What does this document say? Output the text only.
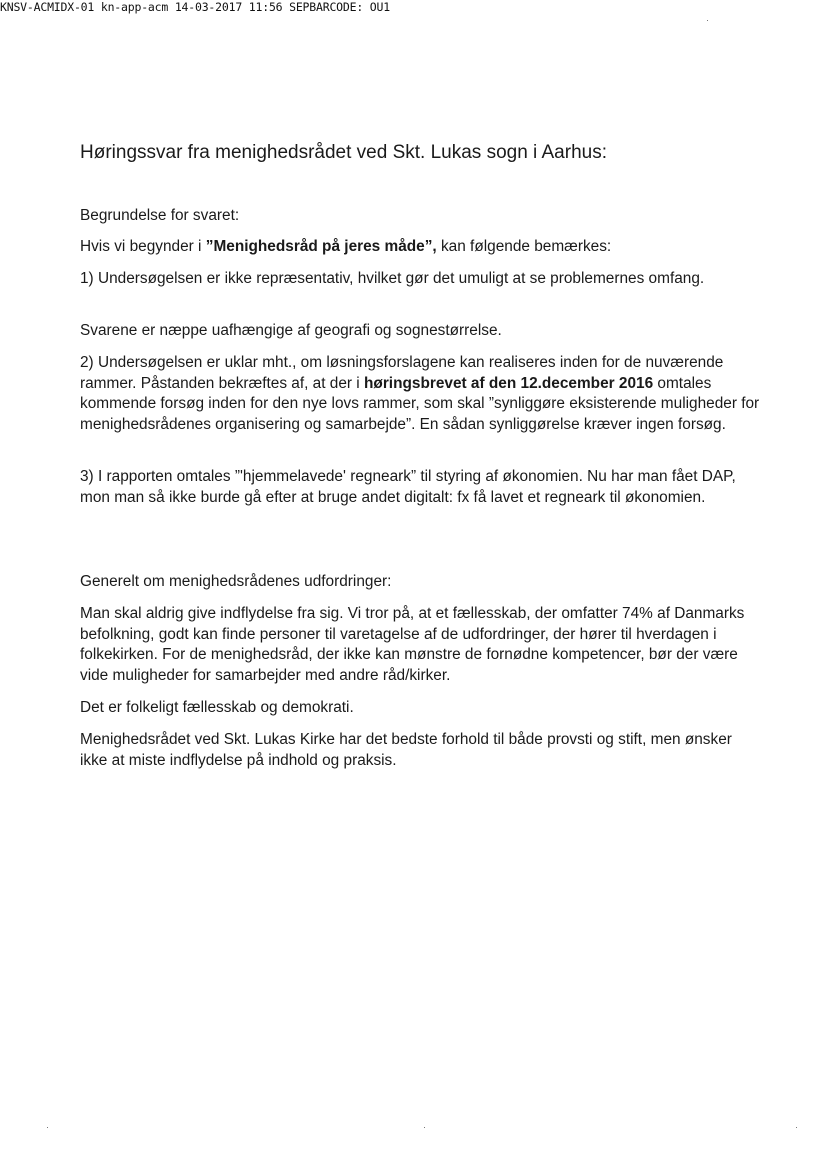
KNSV-ACMIDX-01 kn-app-acm 14-03-2017 11:56 SEPBARCODE: OU1
Høringssvar fra menighedsrådet ved Skt. Lukas sogn i Aarhus:

Begrundelse for svaret:

Hvis vi begynder i ”Menighedsråd på jeres måde”, kan følgende bemærkes:

1) Undersøgelsen er ikke repræsentativ, hvilket gør det umuligt at se problemernes omfang.

Svarene er næppe uafhængige af geografi og sognestørrelse.

2) Undersøgelsen er uklar mht., om løsningsforslagene kan realiseres inden for de nuværende rammer. Påstanden bekræftes af, at der i høringsbrevet af den 12.december 2016 omtales kommende forsøg inden for den nye lovs rammer, som skal ”synliggøre eksisterende muligheder for menighedsrådenes organisering og samarbejde”. En sådan synliggørelse kræver ingen forsøg.

3) I rapporten omtales ”'hjemmelavede' regneark” til styring af økonomien. Nu har man fået DAP, mon man så ikke burde gå efter at bruge andet digitalt: fx få lavet et regneark til økonomien.

Generelt om menighedsrådenes udfordringer:

Man skal aldrig give indflydelse fra sig. Vi tror på, at et fællesskab, der omfatter 74% af Danmarks befolkning, godt kan finde personer til varetagelse af de udfordringer, der hører til hverdagen i folkekirken. For de menighedsråd, der ikke kan mønstre de fornødne kompetencer, bør der være vide muligheder for samarbejder med andre råd/kirker.

Det er folkeligt fællesskab og demokrati.

Menighedsrådet ved Skt. Lukas Kirke har det bedste forhold til både provsti og stift, men ønsker ikke at miste indflydelse på indhold og praksis.
